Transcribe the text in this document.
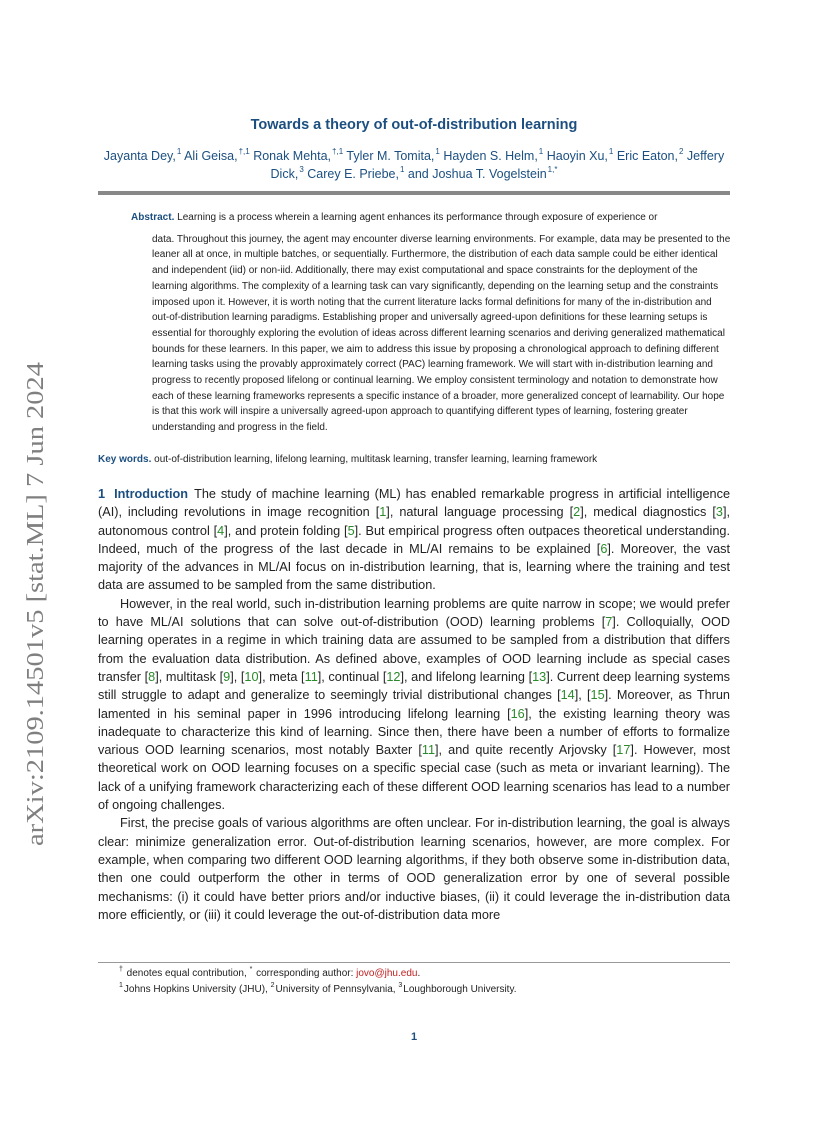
arXiv:2109.14501v5 [stat.ML] 7 Jun 2024
Towards a theory of out-of-distribution learning
Jayanta Dey,$^1$ Ali Geisa,$^{\dagger,1}$ Ronak Mehta,$^{\dagger,1}$ Tyler M. Tomita,$^1$ Hayden S. Helm,$^1$ Haoyin Xu,$^1$ Eric Eaton,$^2$ Jeffery Dick,$^3$ Carey E. Priebe,$^1$ and Joshua T. Vogelstein$^{1,*}$

Abstract. Learning is a process wherein a learning agent enhances its performance through exposure of experience or

data. Throughout this journey, the agent may encounter diverse learning environments. For example, data may be presented to the leaner all at once, in multiple batches, or sequentially. Furthermore, the distribution of each data sample could be either identical and independent (iid) or non-iid. Additionally, there may exist computational and space constraints for the deployment of the learning algorithms. The complexity of a learning task can vary significantly, depending on the learning setup and the constraints imposed upon it. However, it is worth noting that the current literature lacks formal definitions for many of the in-distribution and out-of-distribution learning paradigms. Establishing proper and universally agreed-upon definitions for these learning setups is essential for thoroughly exploring the evolution of ideas across different learning scenarios and deriving generalized mathematical bounds for these learners. In this paper, we aim to address this issue by proposing a chronological approach to defining different learning tasks using the provably approximately correct (PAC) learning framework. We will start with in-distribution learning and progress to recently proposed lifelong or continual learning. We employ consistent terminology and notation to demonstrate how each of these learning frameworks represents a specific instance of a broader, more generalized concept of learnability. Our hope is that this work will inspire a universally agreed-upon approach to quantifying different types of learning, fostering greater understanding and progress in the field.

Key words. out-of-distribution learning, lifelong learning, multitask learning, transfer learning, learning framework

1 Introduction The study of machine learning (ML) has enabled remarkable progress in artificial intelligence (AI), including revolutions in image recognition [1], natural language processing [2], medical diagnostics [3], autonomous control [4], and protein folding [5]. But empirical progress often outpaces theoretical understanding. Indeed, much of the progress of the last decade in ML/AI remains to be explained [6]. Moreover, the vast majority of the advances in ML/AI focus on in-distribution learning, that is, learning where the training and test data are assumed to be sampled from the same distribution.

However, in the real world, such in-distribution learning problems are quite narrow in scope; we would prefer to have ML/AI solutions that can solve out-of-distribution (OOD) learning problems [7]. Colloquially, OOD learning operates in a regime in which training data are assumed to be sampled from a distribution that differs from the evaluation data distribution. As defined above, examples of OOD learning include as special cases transfer [8], multitask [9], [10], meta [11], continual [12], and lifelong learning [13]. Current deep learning systems still struggle to adapt and generalize to seemingly trivial distributional changes [14], [15]. Moreover, as Thrun lamented in his seminal paper in 1996 introducing lifelong learning [16], the existing learning theory was inadequate to characterize this kind of learning. Since then, there have been a number of efforts to formalize various OOD learning scenarios, most notably Baxter [11], and quite recently Arjovsky [17]. However, most theoretical work on OOD learning focuses on a specific special case (such as meta or invariant learning). The lack of a unifying framework characterizing each of these different OOD learning scenarios has lead to a number of ongoing challenges.

First, the precise goals of various algorithms are often unclear. For in-distribution learning, the goal is always clear: minimize generalization error. Out-of-distribution learning scenarios, however, are more complex. For example, when comparing two different OOD learning algorithms, if they both observe some in-distribution data, then one could outperform the other in terms of OOD generalization error by one of several possible mechanisms: (i) it could have better priors and/or inductive biases, (ii) it could leverage the in-distribution data more efficiently, or (iii) it could leverage the out-of-distribution data more

† denotes equal contribution, * corresponding author: jovo@jhu.edu.
$^1$Johns Hopkins University (JHU), $^2$University of Pennsylvania, $^3$Loughborough University.
1
